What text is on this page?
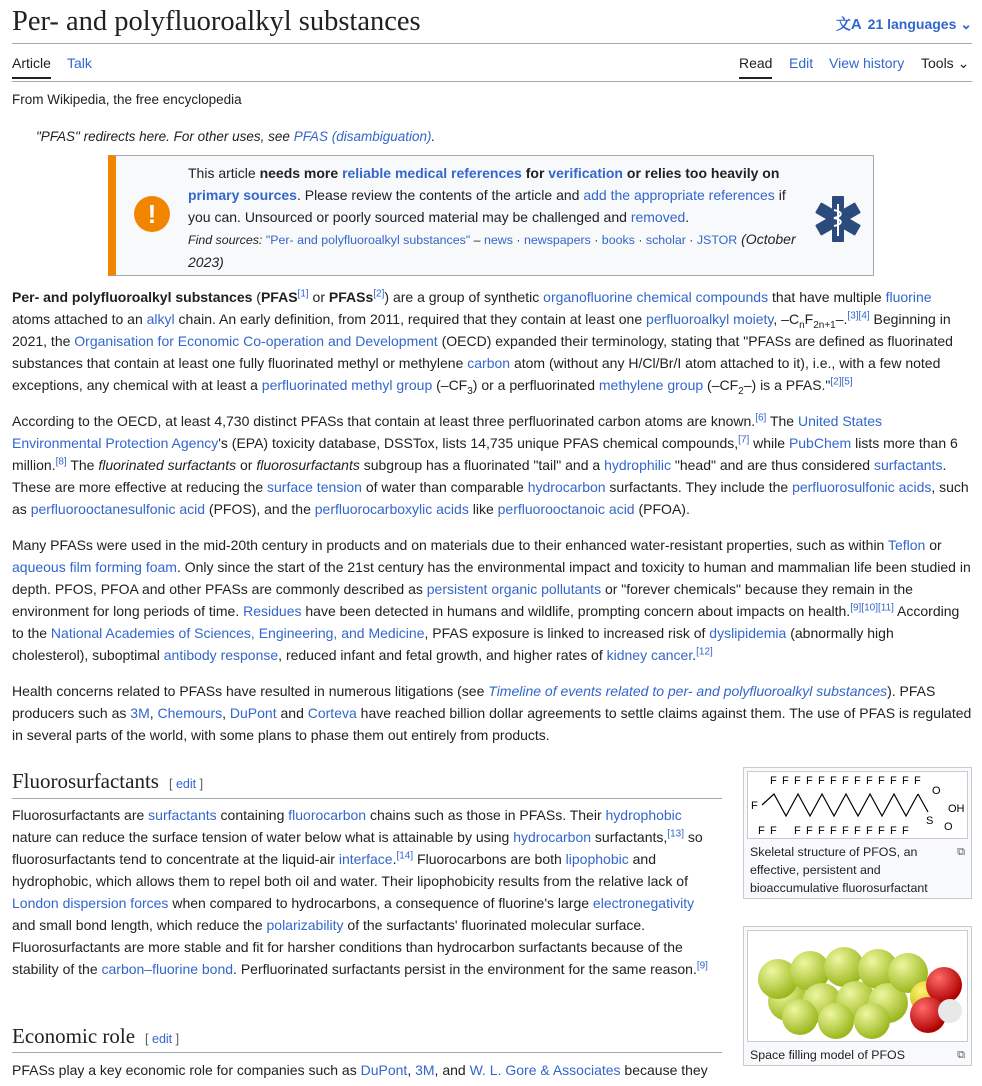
Per- and polyfluoroalkyl substances	文A 21 languages ⌄
Article Talk	Read Edit View history Tools ⌄
From Wikipedia, the free encyclopedia
"PFAS" redirects here. For other uses, see PFAS (disambiguation).
!
This article needs more reliable medical references for verification or relies too heavily on primary sources. Please review the contents of the article and add the appropriate references if you can. Unsourced or poorly sourced material may be challenged and removed.
Find sources: "Per- and polyfluoroalkyl substances" – news · newspapers · books · scholar · JSTOR (October 2023)
Per- and polyfluoroalkyl substances (PFAS[1] or PFASs[2]) are a group of synthetic organofluorine chemical compounds that have multiple fluorine atoms attached to an alkyl chain. An early definition, from 2011, required that they contain at least one perfluoroalkyl moiety, $-C_nF_{2n+1}-.[3][4]$ Beginning in 2021, the Organisation for Economic Co-operation and Development (OECD) expanded their terminology, stating that "PFASs are defined as fluorinated substances that contain at least one fully fluorinated methyl or methylene carbon atom (without any H/Cl/Br/I atom attached to it), i.e., with a few noted exceptions, any chemical with at least a perfluorinated methyl group $(-CF_3)$ or a perfluorinated methylene group $(-CF_2-)$ is a PFAS."[2][5]
According to the OECD, at least 4,730 distinct PFASs that contain at least three perfluorinated carbon atoms are known.[6] The United States Environmental Protection Agency's (EPA) toxicity database, DSSTox, lists 14,735 unique PFAS chemical compounds,[7] while PubChem lists more than 6 million.[8] The fluorinated surfactants or fluorosurfactants subgroup has a fluorinated "tail" and a hydrophilic "head" and are thus considered surfactants. These are more effective at reducing the surface tension of water than comparable hydrocarbon surfactants. They include the perfluorosulfonic acids, such as perfluorooctanesulfonic acid (PFOS), and the perfluorocarboxylic acids like perfluorooctanoic acid (PFOA).
Many PFASs were used in the mid-20th century in products and on materials due to their enhanced water-resistant properties, such as within Teflon or aqueous film forming foam. Only since the start of the 21st century has the environmental impact and toxicity to human and mammalian life been studied in depth. PFOS, PFOA and other PFASs are commonly described as persistent organic pollutants or "forever chemicals" because they remain in the environment for long periods of time. Residues have been detected in humans and wildlife, prompting concern about impacts on health.[9][10][11] According to the National Academies of Sciences, Engineering, and Medicine, PFAS exposure is linked to increased risk of dyslipidemia (abnormally high cholesterol), suboptimal antibody response, reduced infant and fetal growth, and higher rates of kidney cancer.[12]
Health concerns related to PFASs have resulted in numerous litigations (see Timeline of events related to per- and polyfluoroalkyl substances). PFAS producers such as 3M, Chemours, DuPont and Corteva have reached billion dollar agreements to settle claims against them. The use of PFAS is regulated in several parts of the world, with some plans to phase them out entirely from products.
Fluorosurfactants [ edit ]
Fluorosurfactants are surfactants containing fluorocarbon chains such as those in PFASs. Their hydrophobic nature can reduce the surface tension of water below what is attainable by using hydrocarbon surfactants,[13] so fluorosurfactants tend to concentrate at the liquid-air interface.[14] Fluorocarbons are both lipophobic and hydrophobic, which allows them to repel both oil and water. Their lipophobicity results from the relative lack of London dispersion forces when compared to hydrocarbons, a consequence of fluorine's large electronegativity and small bond length, which reduce the polarizability of the surfactants' fluorinated molecular surface. Fluorosurfactants are more stable and fit for harsher conditions than hydrocarbon surfactants because of the stability of the carbon–fluorine bond. Perfluorinated surfactants persist in the environment for the same reason.[9]
Economic role [ edit ]
PFASs play a key economic role for companies such as DuPont, 3M, and W. L. Gore & Associates because they
F
F F F F F F F F
F F F F F
F F F F F F F F F F F F
S
O
O
OH
⧉
Skeletal structure of PFOS, an effective, persistent and bioaccumulative fluorosurfactant
⧉
Space filling model of PFOS
